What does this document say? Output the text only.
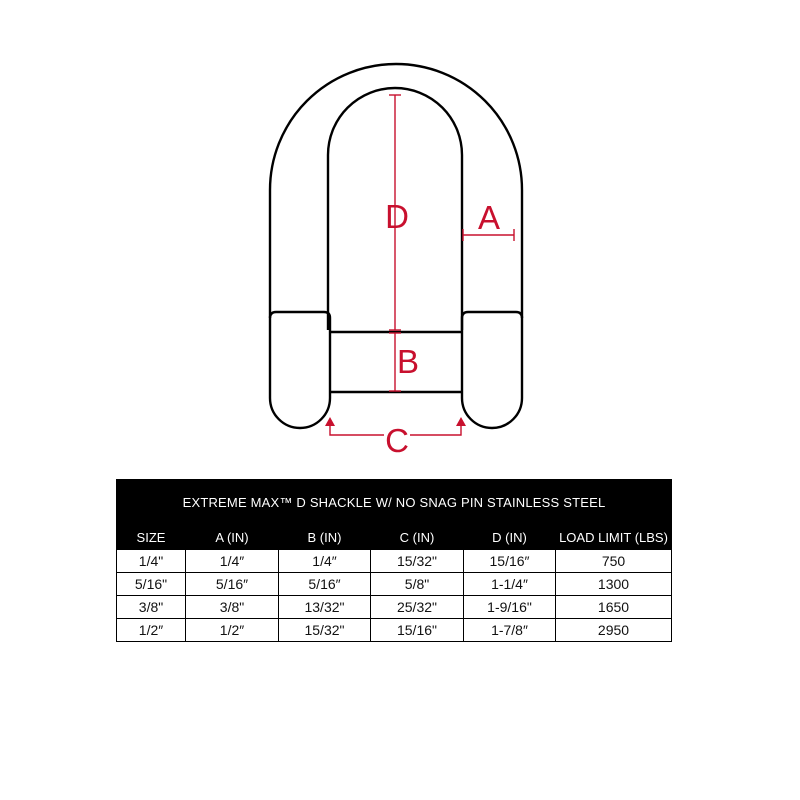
D
B
A
C
EXTREME MAX™ D SHACKLE W/ NO SNAG PIN STAINLESS STEEL					
SIZE	A (IN)	B (IN)	C (IN)	D (IN)	LOAD LIMIT (LBS)
1/4"	1/4″	1/4″	15/32"	15/16″	750
5/16"	5/16″	5/16″	5/8"	1-1/4″	1300
3/8"	3/8"	13/32"	25/32"	1-9/16"	1650
1/2″	1/2″	15/32"	15/16"	1-7/8″	2950
